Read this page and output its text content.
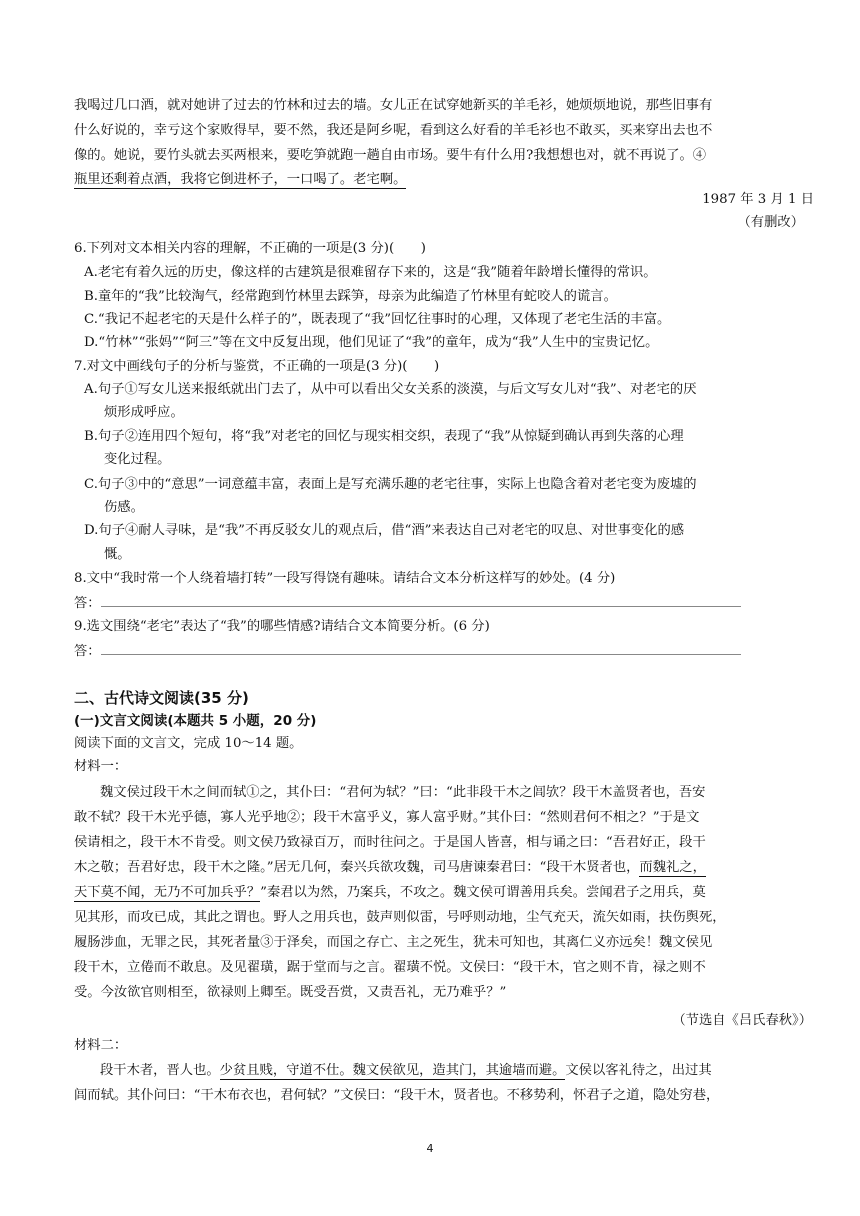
我喝过几口酒，就对她讲了过去的竹林和过去的墙。女儿正在试穿她新买的羊毛衫，她烦烦地说，那些旧事有
什么好说的，幸亏这个家败得早，要不然，我还是阿乡呢，看到这么好看的羊毛衫也不敢买，买来穿出去也不
像的。她说，要竹头就去买两根来，要吃笋就跑一趟自由市场。要牛有什么用?我想想也对，就不再说了。④
瓶里还剩着点酒，我将它倒进杯子，一口喝了。老宅啊。
1987 年 3 月 1 日
（有删改）
6.下列对文本相关内容的理解，不正确的一项是(3 分)(　　)
A.老宅有着久远的历史，像这样的古建筑是很难留存下来的，这是“我”随着年龄增长懂得的常识。
B.童年的“我”比较淘气，经常跑到竹林里去踩笋，母亲为此编造了竹林里有蛇咬人的谎言。
C.“我记不起老宅的天是什么样子的”，既表现了“我”回忆往事时的心理，又体现了老宅生活的丰富。
D.“竹林”“张妈”“阿三”等在文中反复出现，他们见证了“我”的童年，成为“我”人生中的宝贵记忆。
7.对文中画线句子的分析与鉴赏，不正确的一项是(3 分)(　　)
A.句子①写女儿送来报纸就出门去了，从中可以看出父女关系的淡漠，与后文写女儿对“我”、对老宅的厌
烦形成呼应。
B.句子②连用四个短句，将“我”对老宅的回忆与现实相交织，表现了“我”从惊疑到确认再到失落的心理
变化过程。
C.句子③中的“意思”一词意蕴丰富，表面上是写充满乐趣的老宅往事，实际上也隐含着对老宅变为废墟的
伤感。
D.句子④耐人寻味，是“我”不再反驳女儿的观点后，借“酒”来表达自己对老宅的叹息、对世事变化的感
慨。
8.文中“我时常一个人绕着墙打转”一段写得饶有趣味。请结合文本分析这样写的妙处。(4 分)
答：
9.选文围绕“老宅”表达了“我”的哪些情感?请结合文本简要分析。(6 分)
答：
二、古代诗文阅读(35 分)
(一)文言文阅读(本题共 5 小题，20 分)
阅读下面的文言文，完成 10～14 题。
材料一：
魏文侯过段干木之间而轼①之，其仆曰：“君何为轼？”曰：“此非段干木之闾欤？段干木盖贤者也，吾安
敢不轼？段干木光乎德，寡人光乎地②；段干木富乎义，寡人富乎财。”其仆曰：“然则君何不相之？”于是文
侯请相之，段干木不肯受。则文侯乃致禄百万，而时往问之。于是国人皆喜，相与诵之曰：“吾君好正，段干
木之敬；吾君好忠，段干木之隆。”居无几何，秦兴兵欲攻魏，司马唐谏秦君曰：“段干木贤者也，而魏礼之，
天下莫不闻，无乃不可加兵乎？”秦君以为然，乃案兵，不攻之。魏文侯可谓善用兵矣。尝闻君子之用兵，莫
见其形，而攻已成，其此之谓也。野人之用兵也，鼓声则似雷，号呼则动地，尘气充天，流矢如雨，扶伤舆死，
履肠涉血，无罪之民，其死者量③于泽矣，而国之存亡、主之死生，犹未可知也，其离仁义亦远矣！魏文侯见
段干木，立倦而不敢息。及见翟璜，踞于堂而与之言。翟璜不悦。文侯曰：“段干木，官之则不肯，禄之则不
受。今汝欲官则相至，欲禄则上卿至。既受吾赏，又责吾礼，无乃难乎？”
（节选自《吕氏春秋》）
材料二：
段干木者，晋人也。少贫且贱，守道不仕。魏文侯欲见，造其门，其逾墙而避。文侯以客礼待之，出过其
闾而轼。其仆问曰：“干木布衣也，君何轼？”文侯曰：“段干木，贤者也。不移势利，怀君子之道，隐处穷巷，
4
